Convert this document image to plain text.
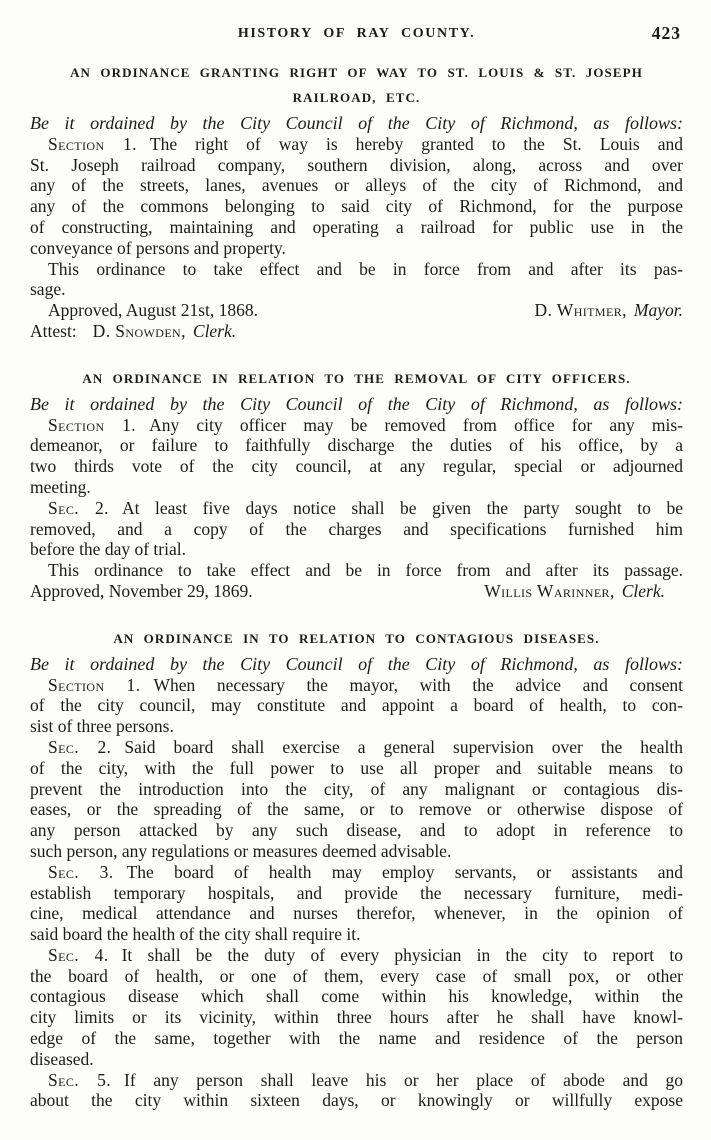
HISTORY OF RAY COUNTY.	423
AN ORDINANCE GRANTING RIGHT OF WAY TO ST. LOUIS & ST. JOSEPH
RAILROAD, ETC.
Be it ordained by the City Council of the City of Richmond, as follows:
Section 1. The right of way is hereby granted to the St. Louis and
St. Joseph railroad company, southern division, along, across and over
any of the streets, lanes, avenues or alleys of the city of Richmond, and
any of the commons belonging to said city of Richmond, for the purpose
of constructing, maintaining and operating a railroad for public use in the
conveyance of persons and property.
This ordinance to take effect and be in force from and after its pas-
sage.
Approved, August 21st, 1868.	D. Whitmer, Mayor.
Attest: D. Snowden, Clerk.
AN ORDINANCE IN RELATION TO THE REMOVAL OF CITY OFFICERS.
Be it ordained by the City Council of the City of Richmond, as follows:
Section 1. Any city officer may be removed from office for any mis-
demeanor, or failure to faithfully discharge the duties of his office, by a
two thirds vote of the city council, at any regular, special or adjourned
meeting.
Sec. 2. At least five days notice shall be given the party sought to be
removed, and a copy of the charges and specifications furnished him
before the day of trial.
This ordinance to take effect and be in force from and after its passage.
Approved, November 29, 1869.	Willis Warinner, Clerk.
AN ORDINANCE IN TO RELATION TO CONTAGIOUS DISEASES.
Be it ordained by the City Council of the City of Richmond, as follows:
Section 1. When necessary the mayor, with the advice and consent
of the city council, may constitute and appoint a board of health, to con-
sist of three persons.
Sec. 2. Said board shall exercise a general supervision over the health
of the city, with the full power to use all proper and suitable means to
prevent the introduction into the city, of any malignant or contagious dis-
eases, or the spreading of the same, or to remove or otherwise dispose of
any person attacked by any such disease, and to adopt in reference to
such person, any regulations or measures deemed advisable.
Sec. 3. The board of health may employ servants, or assistants and
establish temporary hospitals, and provide the necessary furniture, medi-
cine, medical attendance and nurses therefor, whenever, in the opinion of
said board the health of the city shall require it.
Sec. 4. It shall be the duty of every physician in the city to report to
the board of health, or one of them, every case of small pox, or other
contagious disease which shall come within his knowledge, within the
city limits or its vicinity, within three hours after he shall have knowl-
edge of the same, together with the name and residence of the person
diseased.
Sec. 5. If any person shall leave his or her place of abode and go
about the city within sixteen days, or knowingly or willfully expose
